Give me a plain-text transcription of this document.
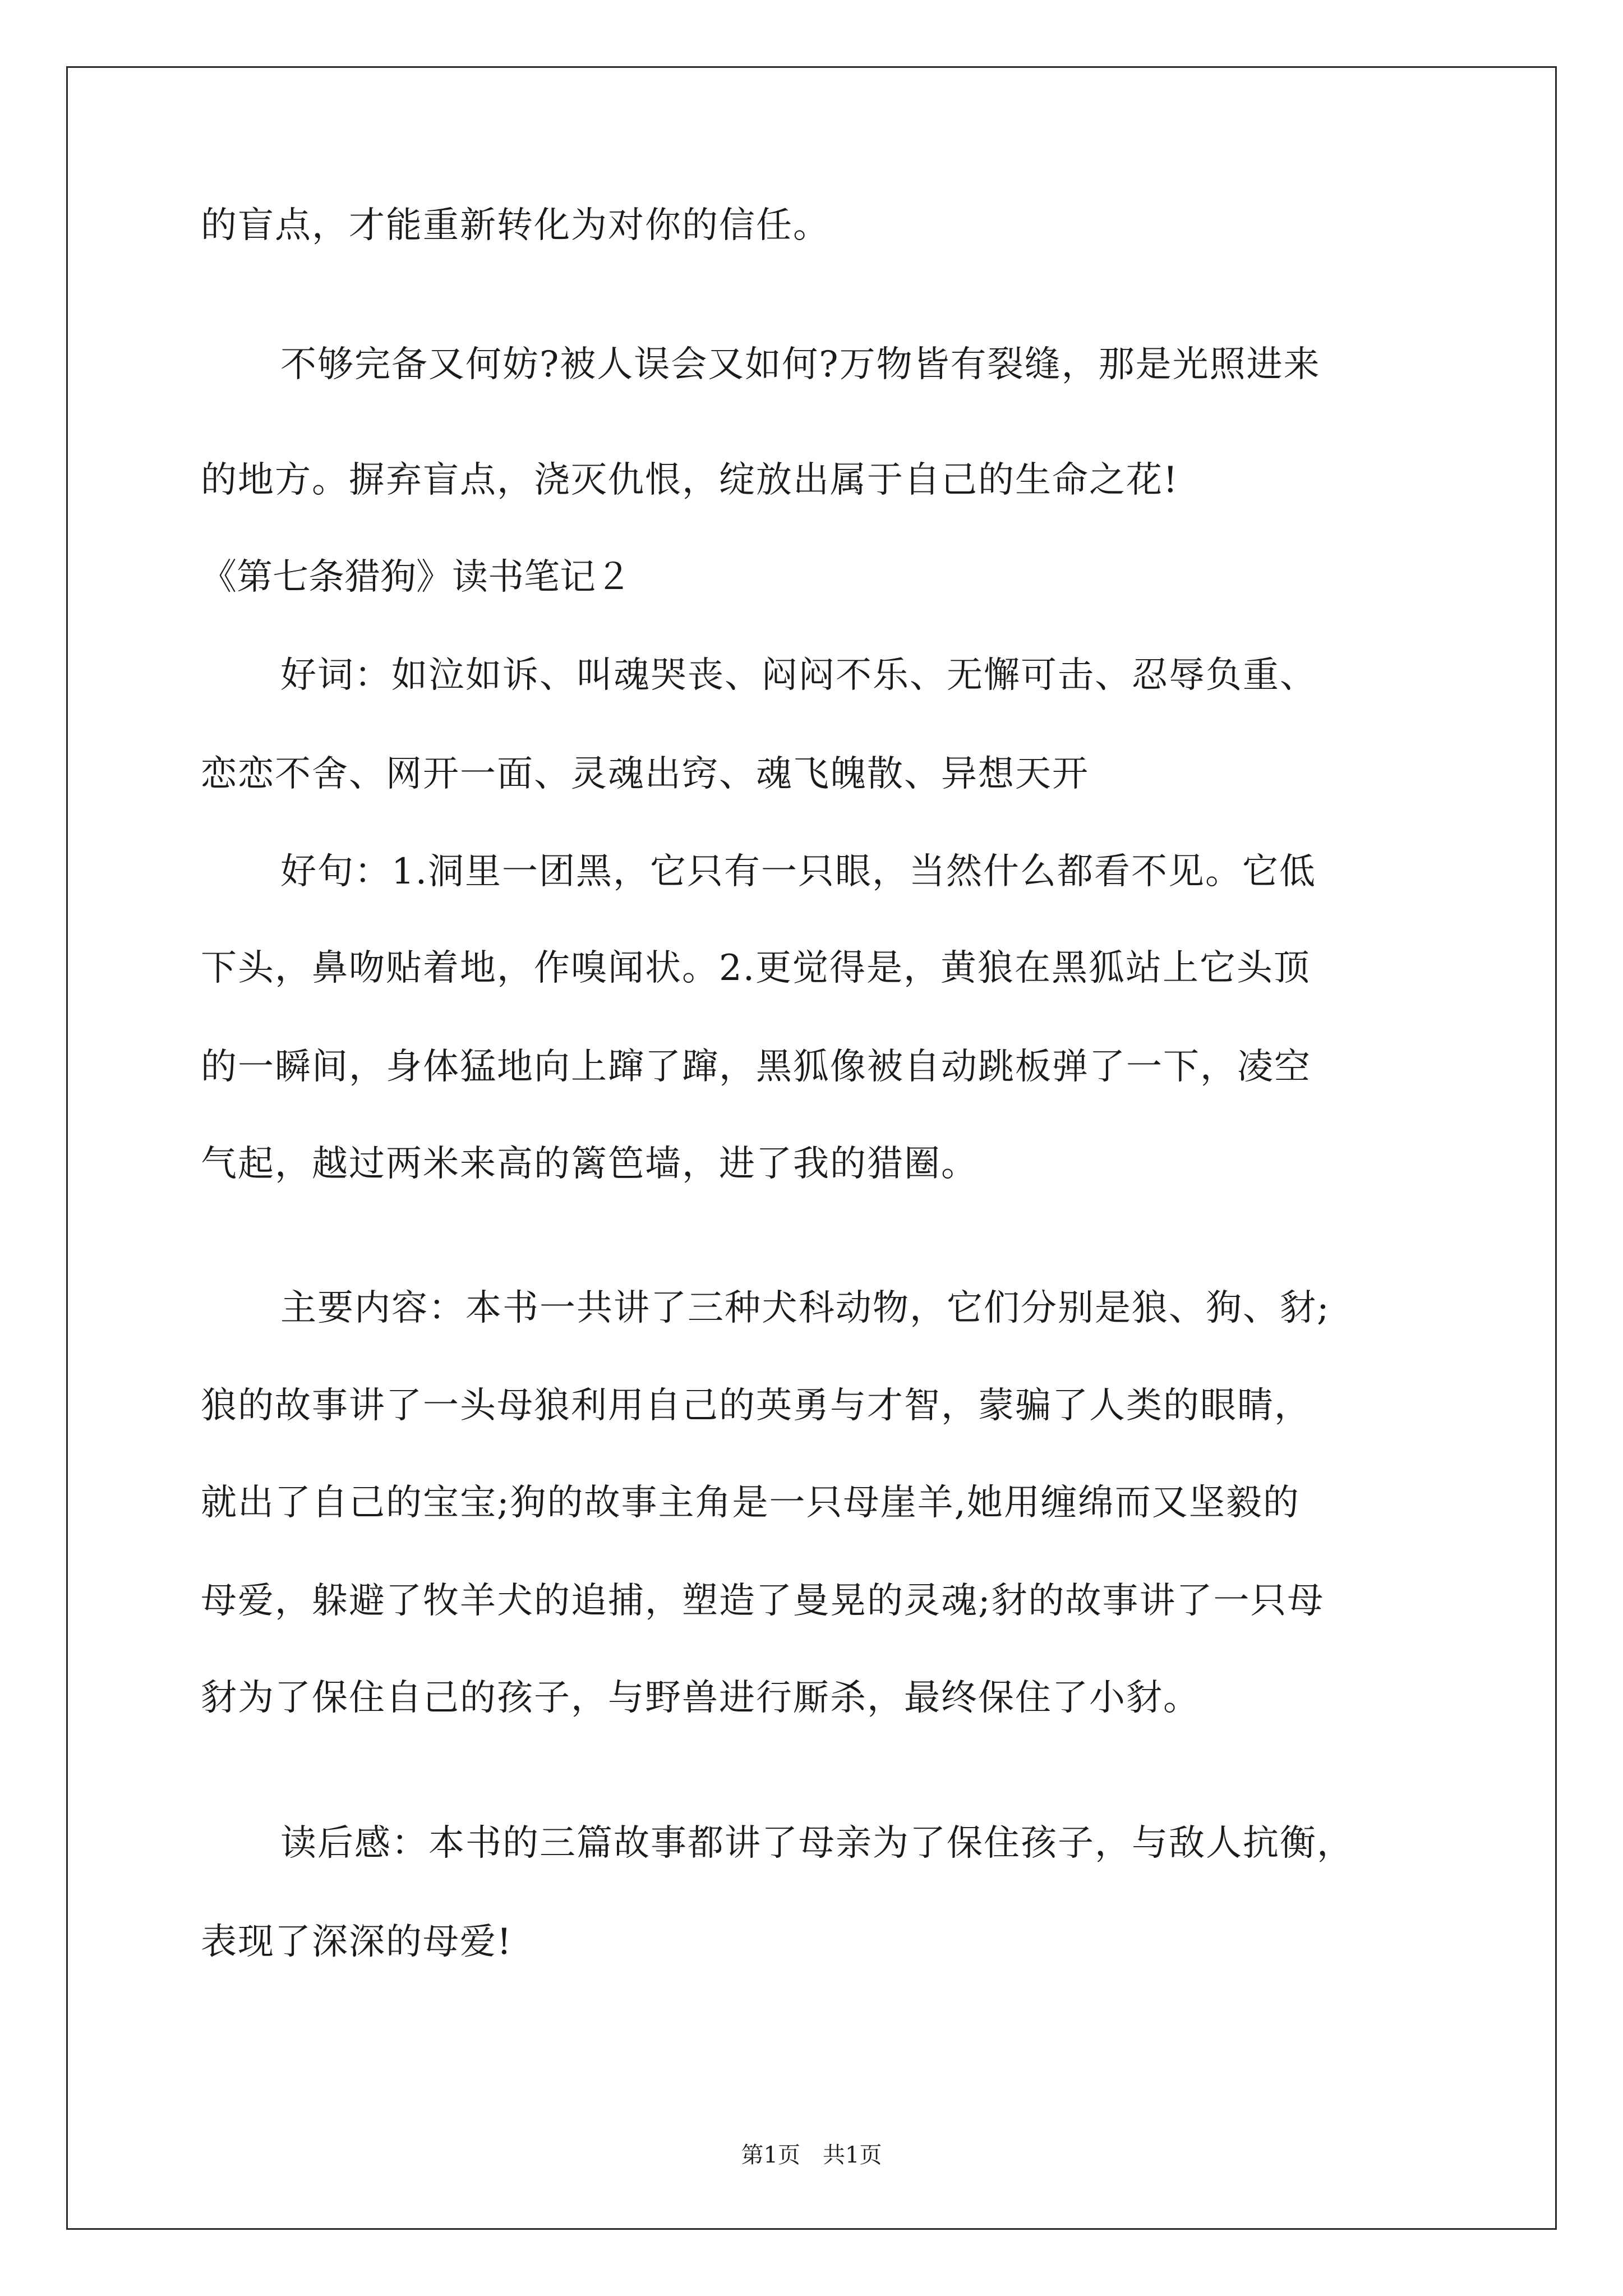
的盲点，才能重新转化为对你的信任。
不够完备又何妨?被人误会又如何?万物皆有裂缝，那是光照进来
的地方。摒弃盲点，浇灭仇恨，绽放出属于自己的生命之花!
《第七条猎狗》读书笔记２
好词：如泣如诉、叫魂哭丧、闷闷不乐、无懈可击、忍辱负重、
恋恋不舍、网开一面、灵魂出窍、魂飞魄散、异想天开
好句：1.洞里一团黑，它只有一只眼，当然什么都看不见。它低
下头，鼻吻贴着地，作嗅闻状。2.更觉得是，黄狼在黑狐站上它头顶
的一瞬间，身体猛地向上蹿了蹿，黑狐像被自动跳板弹了一下，凌空
气起，越过两米来高的篱笆墙，进了我的猎圈。
主要内容：本书一共讲了三种犬科动物，它们分别是狼、狗、豺;
狼的故事讲了一头母狼利用自己的英勇与才智，蒙骗了人类的眼睛，
就出了自己的宝宝;狗的故事主角是一只母崖羊,她用缠绵而又坚毅的
母爱，躲避了牧羊犬的追捕，塑造了曼晃的灵魂;豺的故事讲了一只母
豺为了保住自己的孩子，与野兽进行厮杀，最终保住了小豺。
读后感：本书的三篇故事都讲了母亲为了保住孩子，与敌人抗衡，
表现了深深的母爱!
第1页 共1页
